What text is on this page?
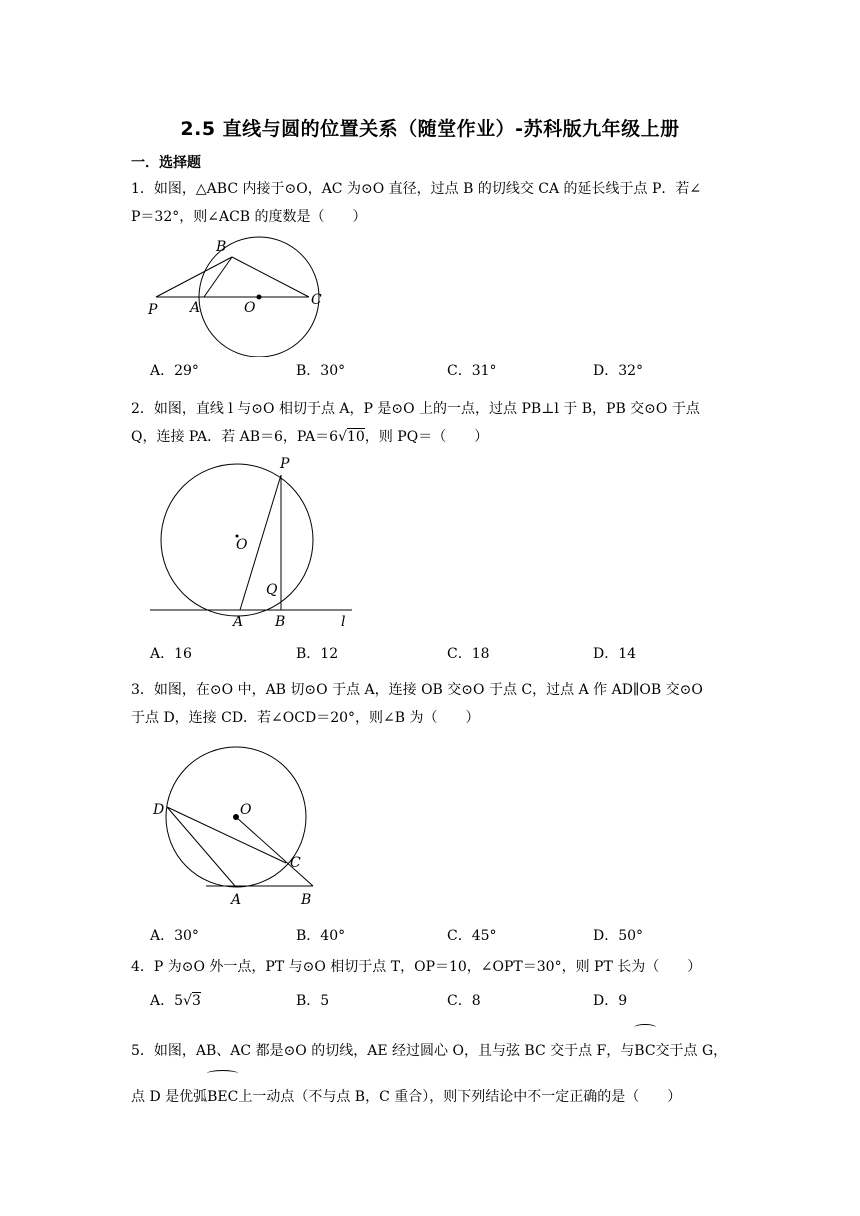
2.5 直线与圆的位置关系（随堂作业）-苏科版九年级上册
一．选择题
1．如图，△ABC 内接于⊙O，AC 为⊙O 直径，过点 B 的切线交 CA 的延长线于点 P．若∠
P＝32°，则∠ACB 的度数是（　　）
B
P A	O	C
A．29°	B．30°	C．31°	D．32°
2．如图，直线 l 与⊙O 相切于点 A，P 是⊙O 上的一点，过点 PB⊥l 于 B，PB 交⊙O 于点
Q，连接 PA．若 AB＝6，PA＝6√10，则 PQ＝（　　）
P
O
Q
A B	l
A．16	B．12	C．18	D．14
3．如图，在⊙O 中，AB 切⊙O 于点 A，连接 OB 交⊙O 于点 C，过点 A 作 AD∥OB 交⊙O
于点 D，连接 CD．若∠OCD＝20°，则∠B 为（　　）
D	O
C
A	B
A．30°	B．40°	C．45°	D．50°
4．P 为⊙O 外一点，PT 与⊙O 相切于点 T，OP＝10，∠OPT＝30°，则 PT 长为（　　）
A．5√3	B．5	C．8	D．9
5．如图，AB、AC 都是⊙O 的切线，AE 经过圆心 O，且与弦 BC 交于点 F，与BC交于点 G，
点 D 是优弧BEC上一动点（不与点 B，C 重合），则下列结论中不一定正确的是（　　）
